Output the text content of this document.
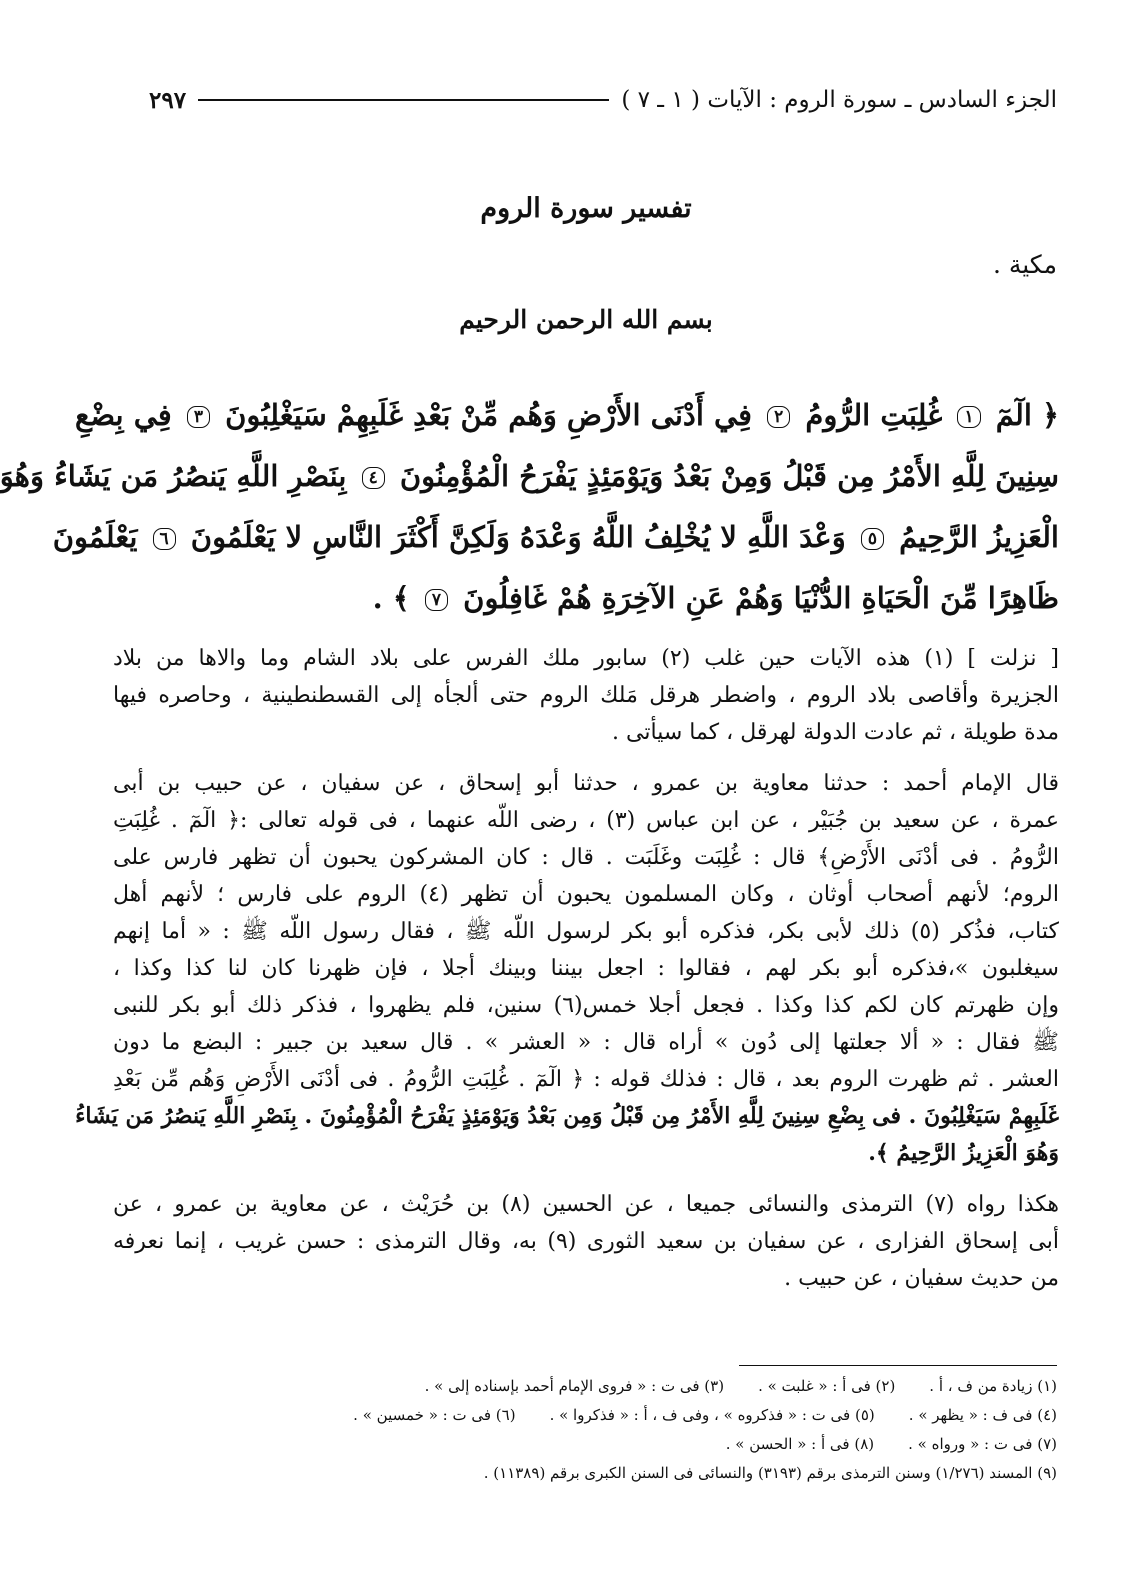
الجزء السادس ـ سورة الروم : الآيات ( ١ ـ ٧ )
٢٩٧
تفسير سورة الروم
مكية .
بسم الله الرحمن الرحيم
﴿ الٓمٓ ١ غُلِبَتِ الرُّومُ ٢ فِي أَدْنَى الأَرْضِ وَهُم مِّنْ بَعْدِ غَلَبِهِمْ سَيَغْلِبُونَ ٣ فِي بِضْعِ
سِنِينَ لِلَّهِ الأَمْرُ مِن قَبْلُ وَمِنْ بَعْدُ وَيَوْمَئِذٍ يَفْرَحُ الْمُؤْمِنُونَ ٤ بِنَصْرِ اللَّهِ يَنصُرُ مَن يَشَاءُ وَهُوَ
الْعَزِيزُ الرَّحِيمُ ٥ وَعْدَ اللَّهِ لا يُخْلِفُ اللَّهُ وَعْدَهُ وَلَكِنَّ أَكْثَرَ النَّاسِ لا يَعْلَمُونَ ٦ يَعْلَمُونَ
ظَاهِرًا مِّنَ الْحَيَاةِ الدُّنْيَا وَهُمْ عَنِ الآخِرَةِ هُمْ غَافِلُونَ ٧ ﴾ .
[ نزلت ] (١) هذه الآيات حين غلب (٢) سابور ملك الفرس على بلاد الشام وما والاها من بلاد
الجزيرة وأقاصى بلاد الروم ، واضطر هرقل مَلك الروم حتى ألجأه إلى القسطنطينية ، وحاصره فيها
مدة طويلة ، ثم عادت الدولة لهرقل ، كما سيأتى .
قال الإمام أحمد : حدثنا معاوية بن عمرو ، حدثنا أبو إسحاق ، عن سفيان ، عن حبيب بن أبى
عمرة ، عن سعيد بن جُبَيْر ، عن ابن عباس (٣) ، رضى اللّه عنهما ، فى قوله تعالى :﴿ الٓمٓ . غُلِبَتِ
الرُّومُ . فى أدْنَى الأَرْضِ﴾ قال : غُلِبَت وغَلَبَت . قال : كان المشركون يحبون أن تظهر فارس على
الروم؛ لأنهم أصحاب أوثان ، وكان المسلمون يحبون أن تظهر (٤) الروم على فارس ؛ لأنهم أهل
كتاب، فذُكر (٥) ذلك لأبى بكر، فذكره أبو بكر لرسول اللّه ﷺ ، فقال رسول اللّه ﷺ : « أما إنهم
سيغلبون »،فذكره أبو بكر لهم ، فقالوا : اجعل بيننا وبينك أجلا ، فإن ظهرنا كان لنا كذا وكذا ،
وإن ظهرتم كان لكم كذا وكذا . فجعل أجلا خمس(٦) سنين، فلم يظهروا ، فذكر ذلك أبو بكر للنبى
ﷺ فقال : « ألا جعلتها إلى دُون » أراه قال : « العشر » . قال سعيد بن جبير : البضع ما دون
العشر . ثم ظهرت الروم بعد ، قال : فذلك قوله : ﴿ الٓمٓ . غُلِبَتِ الرُّومُ . فى أدْنَى الأَرْضِ وَهُم مِّن بَعْدِ
غَلَبِهِمْ سَيَغْلِبُونَ . فى بِضْعِ سِنِينَ لِلَّهِ الأَمْرُ مِن قَبْلُ وَمِن بَعْدُ وَيَوْمَئِذٍ يَفْرَحُ الْمُؤْمِنُونَ . بِنَصْرِ اللَّهِ يَنصُرُ مَن يَشَاءُ
وَهُوَ الْعَزِيزُ الرَّحِيمُ ﴾.
هكذا رواه (٧) الترمذى والنسائى جميعا ، عن الحسين (٨) بن حُرَيْث ، عن معاوية بن عمرو ، عن
أبى إسحاق الفزارى ، عن سفيان بن سعيد الثورى (٩) به، وقال الترمذى : حسن غريب ، إنما نعرفه
من حديث سفيان ، عن حبيب .
(١) زيادة من ف ، أ .
(٢) فى أ : « غلبت » .
(٣) فى ت : « فروى الإمام أحمد بإسناده إلى » .
(٤) فى ف : « يظهر » .
(٥) فى ت : « فذكروه » ، وفى ف ، أ : « فذكروا » .
(٦) فى ت : « خمسين » .
(٧) فى ت : « ورواه » .
(٨) فى أ : « الحسن » .
(٩) المسند (١/٢٧٦) وسنن الترمذى برقم (٣١٩٣) والنسائى فى السنن الكبرى برقم (١١٣٨٩) .
